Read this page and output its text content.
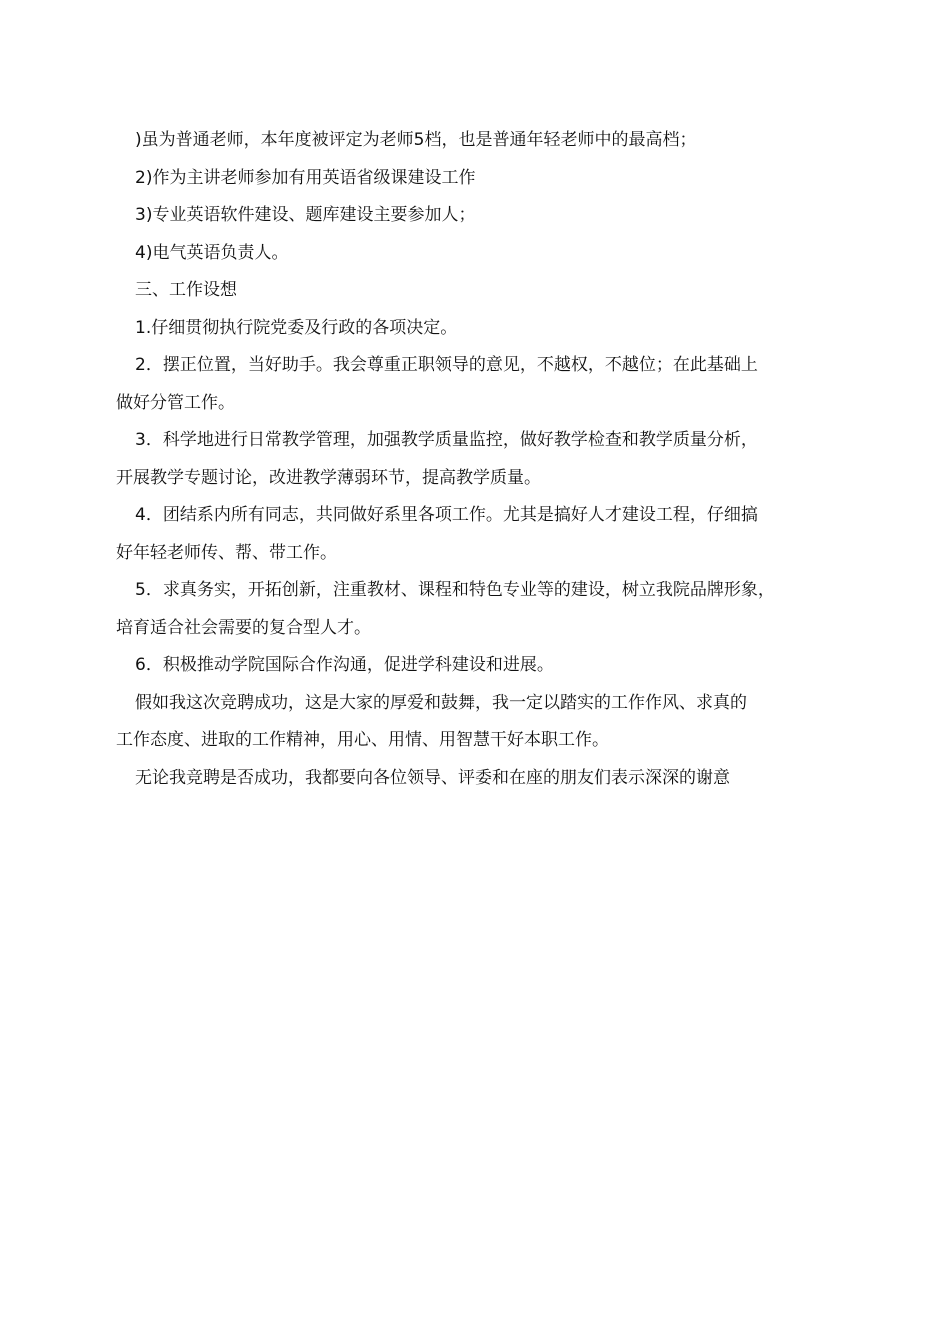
)虽为普通老师，本年度被评定为老师5档，也是普通年轻老师中的最高档；

2)作为主讲老师参加有用英语省级课建设工作

3)专业英语软件建设、题库建设主要参加人；

4)电气英语负责人。

三、工作设想

1.仔细贯彻执行院党委及行政的各项决定。

2．摆正位置，当好助手。我会尊重正职领导的意见，不越权，不越位；在此基础上
做好分管工作。

3．科学地进行日常教学管理，加强教学质量监控，做好教学检查和教学质量分析，
开展教学专题讨论，改进教学薄弱环节，提高教学质量。

4．团结系内所有同志，共同做好系里各项工作。尤其是搞好人才建设工程，仔细搞
好年轻老师传、帮、带工作。

5．求真务实，开拓创新，注重教材、课程和特色专业等的建设，树立我院品牌形象，
培育适合社会需要的复合型人才。

6．积极推动学院国际合作沟通，促进学科建设和进展。

假如我这次竞聘成功，这是大家的厚爱和鼓舞，我一定以踏实的工作作风、求真的
工作态度、进取的工作精神，用心、用情、用智慧干好本职工作。

无论我竞聘是否成功，我都要向各位领导、评委和在座的朋友们表示深深的谢意
